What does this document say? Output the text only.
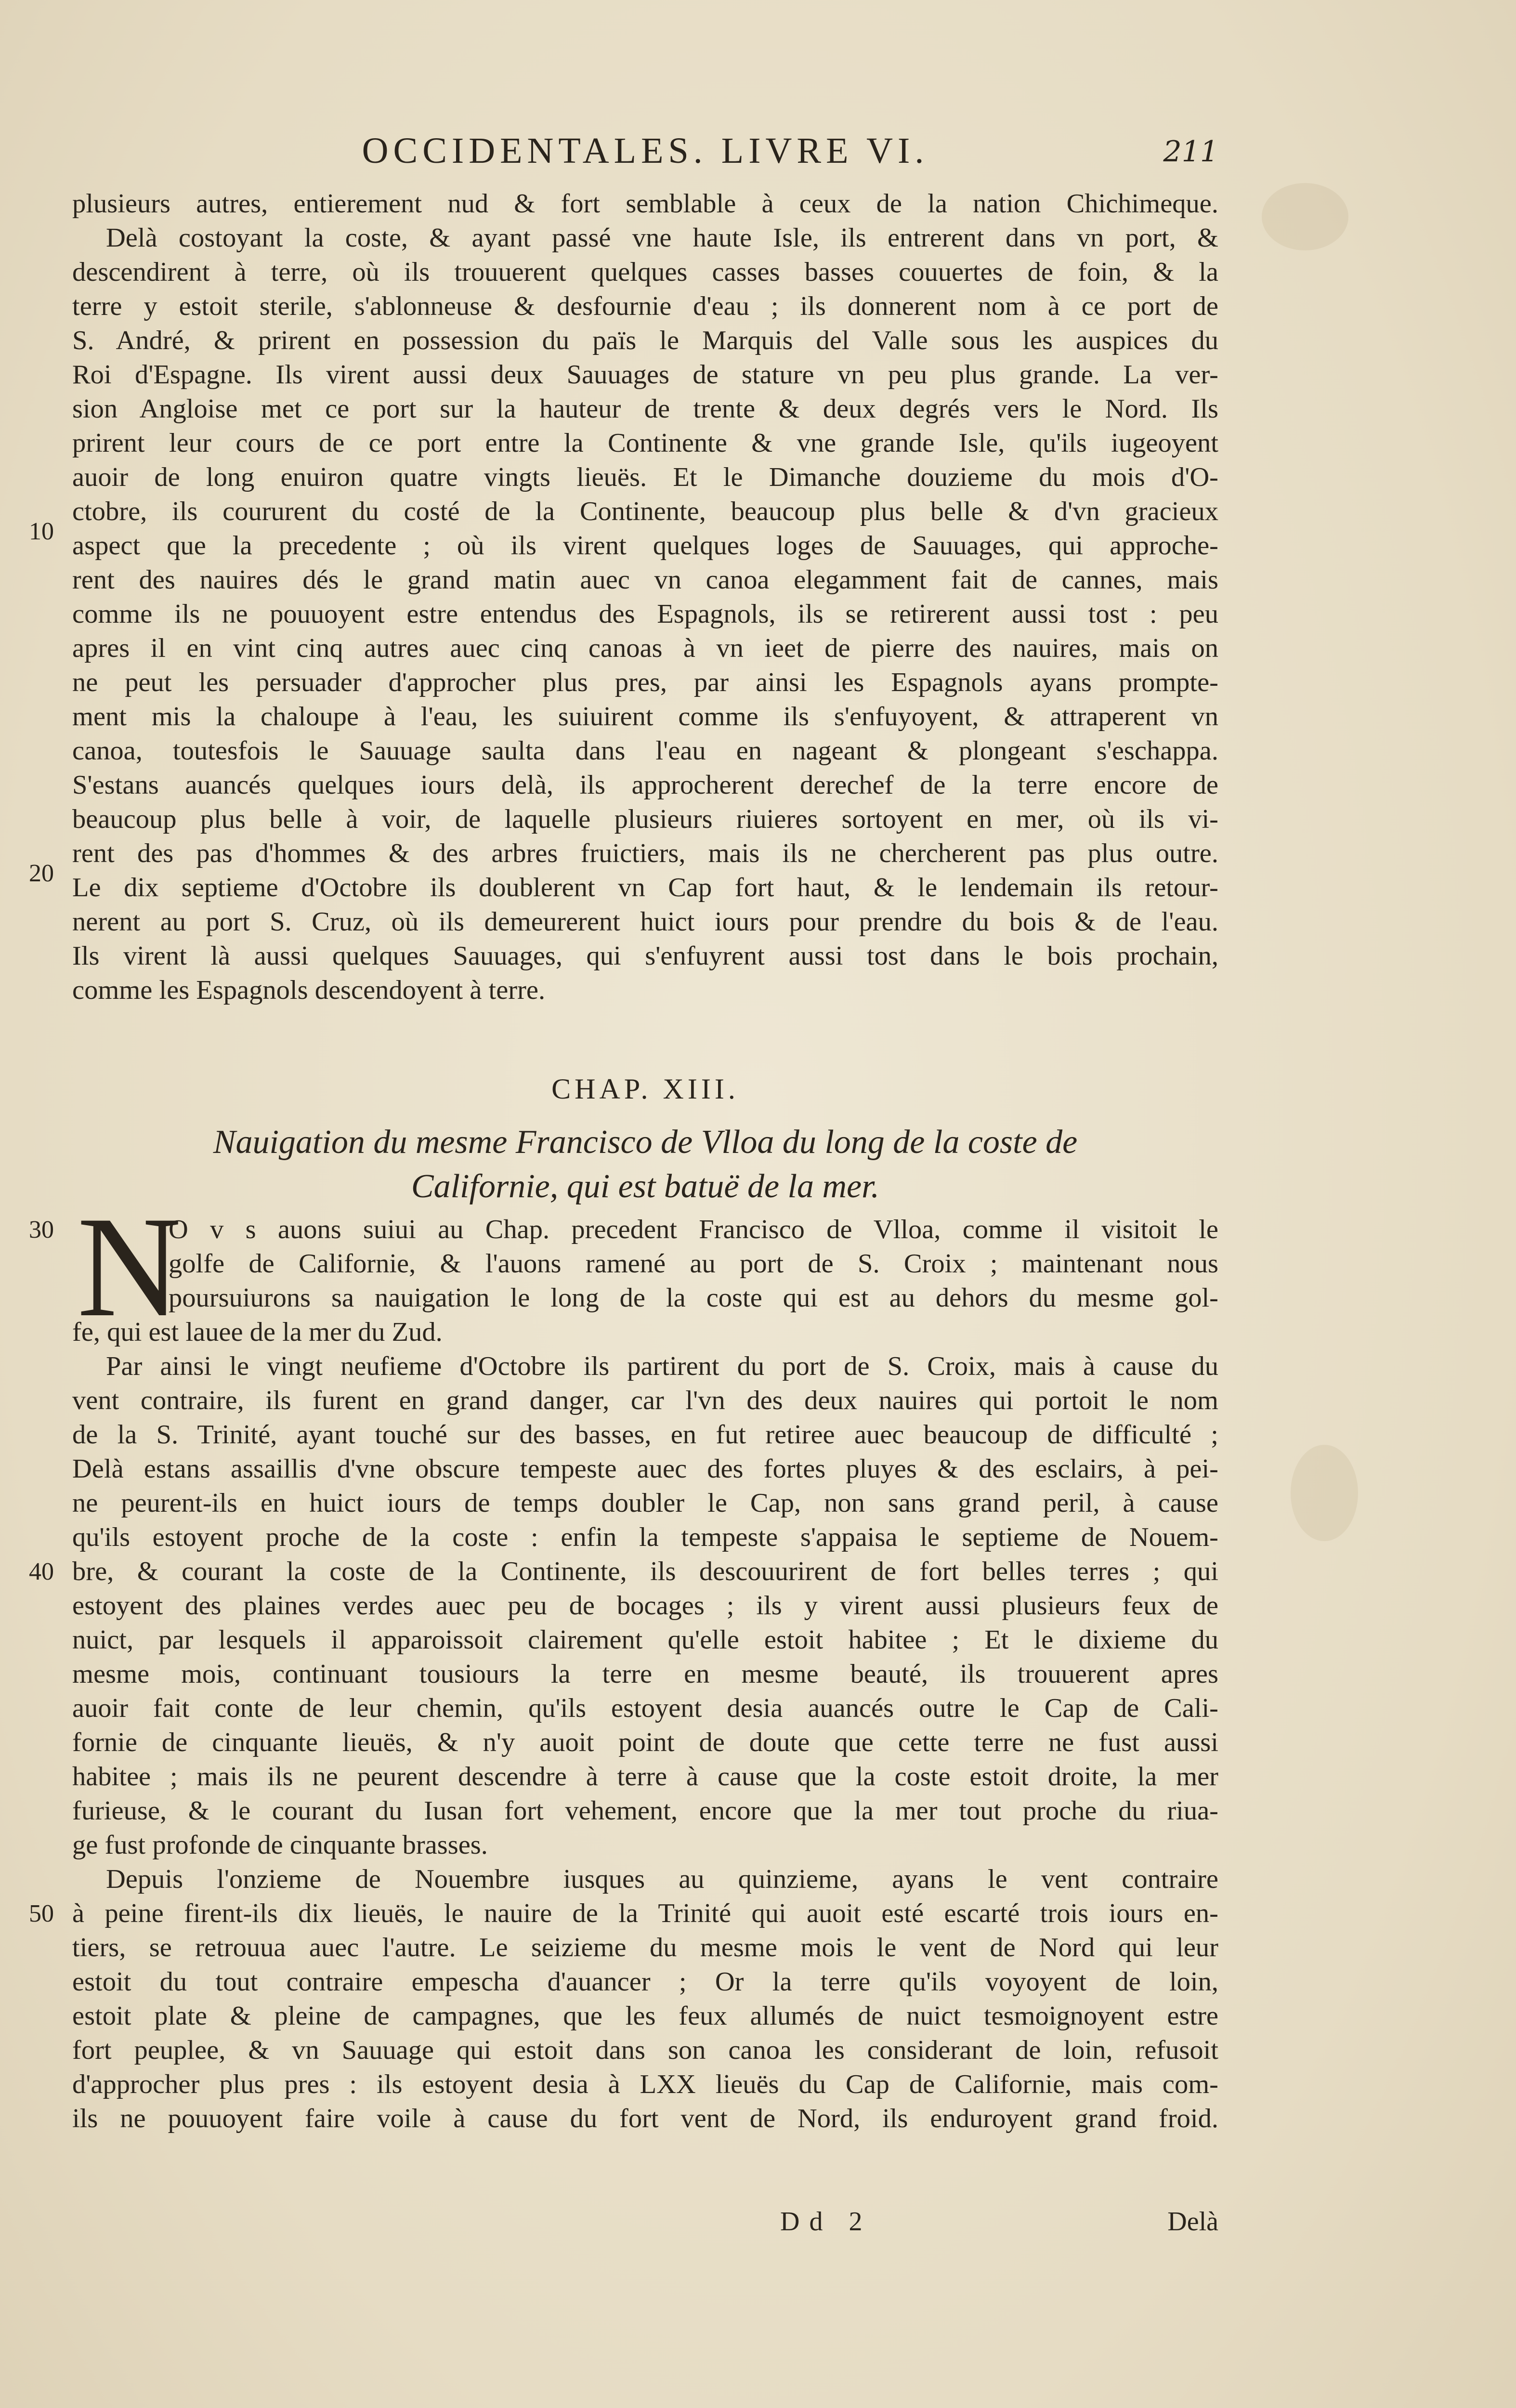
OCCIDENTALES. LIVRE VI.	211
plusieurs autres, entierement nud & fort semblable à ceux de la nation Chichimeque.
Delà costoyant la coste, & ayant passé vne haute Isle, ils entrerent dans vn port, &
descendirent à terre, où ils trouuerent quelques casses basses couuertes de foin, & la
terre y estoit sterile, s'ablonneuse & desfournie d'eau ; ils donnerent nom à ce port de
S. André, & prirent en possession du païs le Marquis del Valle sous les auspices du
Roi d'Espagne. Ils virent aussi deux Sauuages de stature vn peu plus grande. La ver-
sion Angloise met ce port sur la hauteur de trente & deux degrés vers le Nord. Ils
prirent leur cours de ce port entre la Continente & vne grande Isle, qu'ils iugeoyent
auoir de long enuiron quatre vingts lieuës. Et le Dimanche douzieme du mois d'O-
ctobre, ils coururent du costé de la Continente, beaucoup plus belle & d'vn gracieux
aspect que la precedente ; où ils virent quelques loges de Sauuages, qui approche-
rent des nauires dés le grand matin auec vn canoa elegamment fait de cannes, mais
comme ils ne pouuoyent estre entendus des Espagnols, ils se retirerent aussi tost : peu
apres il en vint cinq autres auec cinq canoas à vn ieet de pierre des nauires, mais on
ne peut les persuader d'approcher plus pres, par ainsi les Espagnols ayans prompte-
ment mis la chaloupe à l'eau, les suiuirent comme ils s'enfuyoyent, & attraperent vn
canoa, toutesfois le Sauuage saulta dans l'eau en nageant & plongeant s'eschappa.
S'estans auancés quelques iours delà, ils approcherent derechef de la terre encore de
beaucoup plus belle à voir, de laquelle plusieurs riuieres sortoyent en mer, où ils vi-
rent des pas d'hommes & des arbres fruictiers, mais ils ne chercherent pas plus outre.
Le dix septieme d'Octobre ils doublerent vn Cap fort haut, & le lendemain ils retour-
nerent au port S. Cruz, où ils demeurerent huict iours pour prendre du bois & de l'eau.
Ils virent là aussi quelques Sauuages, qui s'enfuyrent aussi tost dans le bois prochain,
comme les Espagnols descendoyent à terre.
10
20
30
40
50
CHAP. XIII.
Nauigation du mesme Francisco de Vlloa du long de la coste de
Californie, qui est batuë de la mer.
N
O v s auons suiui au Chap. precedent Francisco de Vlloa, comme il visitoit le
golfe de Californie, & l'auons ramené au port de S. Croix ; maintenant nous
poursuiurons sa nauigation le long de la coste qui est au dehors du mesme gol-
fe, qui est lauee de la mer du Zud.
Par ainsi le vingt neufieme d'Octobre ils partirent du port de S. Croix, mais à cause du
vent contraire, ils furent en grand danger, car l'vn des deux nauires qui portoit le nom
de la S. Trinité, ayant touché sur des basses, en fut retiree auec beaucoup de difficulté ;
Delà estans assaillis d'vne obscure tempeste auec des fortes pluyes & des esclairs, à pei-
ne peurent-ils en huict iours de temps doubler le Cap, non sans grand peril, à cause
qu'ils estoyent proche de la coste : enfin la tempeste s'appaisa le septieme de Nouem-
bre, & courant la coste de la Continente, ils descouurirent de fort belles terres ; qui
estoyent des plaines verdes auec peu de bocages ; ils y virent aussi plusieurs feux de
nuict, par lesquels il apparoissoit clairement qu'elle estoit habitee ; Et le dixieme du
mesme mois, continuant tousiours la terre en mesme beauté, ils trouuerent apres
auoir fait conte de leur chemin, qu'ils estoyent desia auancés outre le Cap de Cali-
fornie de cinquante lieuës, & n'y auoit point de doute que cette terre ne fust aussi
habitee ; mais ils ne peurent descendre à terre à cause que la coste estoit droite, la mer
furieuse, & le courant du Iusan fort vehement, encore que la mer tout proche du riua-
ge fust profonde de cinquante brasses.
Depuis l'onzieme de Nouembre iusques au quinzieme, ayans le vent contraire
à peine firent-ils dix lieuës, le nauire de la Trinité qui auoit esté escarté trois iours en-
tiers, se retrouua auec l'autre. Le seizieme du mesme mois le vent de Nord qui leur
estoit du tout contraire empescha d'auancer ; Or la terre qu'ils voyoyent de loin,
estoit plate & pleine de campagnes, que les feux allumés de nuict tesmoignoyent estre
fort peuplee, & vn Sauuage qui estoit dans son canoa les considerant de loin, refusoit
d'approcher plus pres : ils estoyent desia à LXX lieuës du Cap de Californie, mais com-
ils ne pouuoyent faire voile à cause du fort vent de Nord, ils enduroyent grand froid.
Dd 2	Delà
